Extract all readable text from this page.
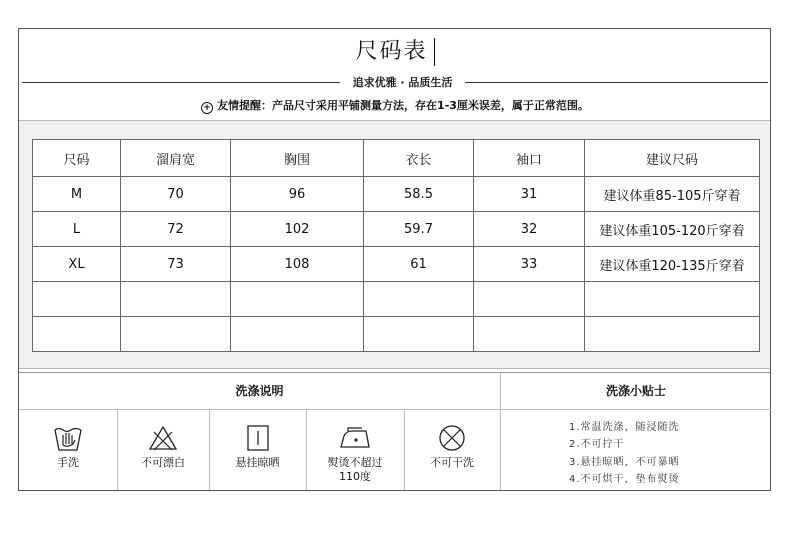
尺码表
追求优雅 · 品质生活
+ 友情提醒：产品尺寸采用平铺测量方法，存在1-3厘米误差，属于正常范围。
尺码	溜肩宽	胸围	衣长	袖口	建议尺码
M	70	96	58.5	31	建议体重85-105斤穿着
L	72	102	59.7	32	建议体重105-120斤穿着
XL	73	108	61	33	建议体重120-135斤穿着

洗涤说明	洗涤小贴士
手洗	不可漂白	悬挂晾晒	熨烫不超过
110度
不可干洗
1.常温洗涤，随浸随洗
2.不可拧干
3.悬挂晾晒，不可暴晒
4.不可烘干，垫布熨烫
